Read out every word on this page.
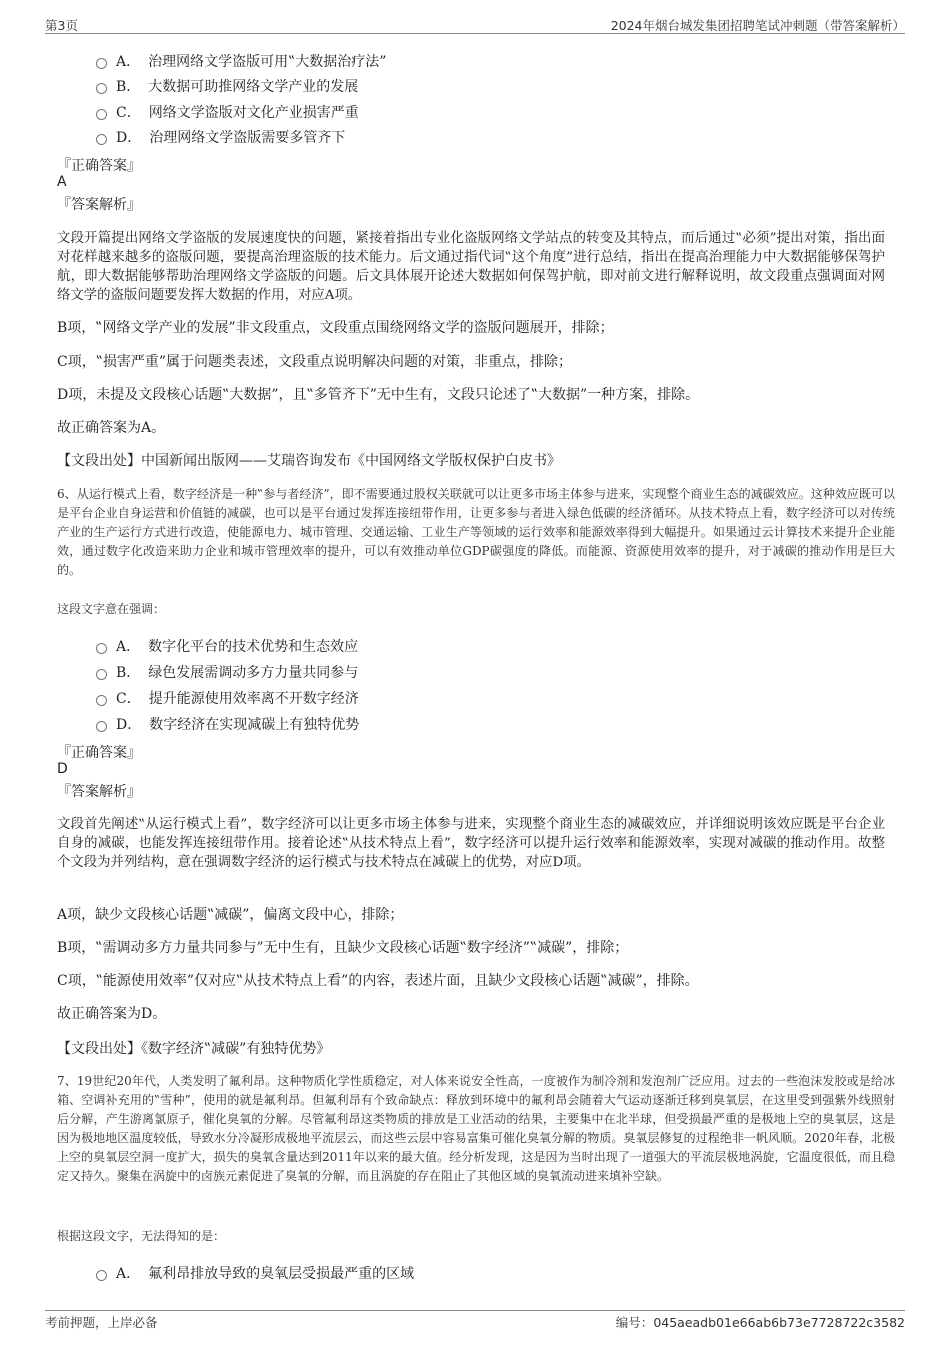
第3页	2024年烟台城发集团招聘笔试冲刺题（带答案解析）
A． 治理网络文学盗版可用‟大数据治疗法”
B． 大数据可助推网络文学产业的发展
C． 网络文学盗版对文化产业损害严重
D． 治理网络文学盗版需要多管齐下
『正确答案』
A
『答案解析』
文段开篇提出网络文学盗版的发展速度快的问题，紧接着指出专业化盗版网络文学站点的转变及其特点，而后通过‟必须”提出对策，指出面对花样越来越多的盗版问题，要提高治理盗版的技术能力。后文通过指代词‟这个角度”进行总结，指出在提高治理能力中大数据能够保驾护航，即大数据能够帮助治理网络文学盗版的问题。后文具体展开论述大数据如何保驾护航，即对前文进行解释说明，故文段重点强调面对网络文学的盗版问题要发挥大数据的作用，对应A项。
B项，‟网络文学产业的发展”非文段重点，文段重点围绕网络文学的盗版问题展开，排除；
C项，‟损害严重”属于问题类表述，文段重点说明解决问题的对策，非重点，排除；
D项，未提及文段核心话题‟大数据”，且‟多管齐下”无中生有，文段只论述了‟大数据”一种方案，排除。
故正确答案为A。
【文段出处】中国新闻出版网——艾瑞咨询发布《中国网络文学版权保护白皮书》
6、从运行模式上看，数字经济是一种‟参与者经济”，即不需要通过股权关联就可以让更多市场主体参与进来，实现整个商业生态的减碳效应。这种效应既可以是平台企业自身运营和价值链的减碳，也可以是平台通过发挥连接纽带作用，让更多参与者进入绿色低碳的经济循环。从技术特点上看，数字经济可以对传统产业的生产运行方式进行改造，使能源电力、城市管理、交通运输、工业生产等领域的运行效率和能源效率得到大幅提升。如果通过云计算技术来提升企业能效，通过数字化改造来助力企业和城市管理效率的提升，可以有效推动单位GDP碳强度的降低。而能源、资源使用效率的提升，对于减碳的推动作用是巨大的。
这段文字意在强调：
A． 数字化平台的技术优势和生态效应
B． 绿色发展需调动多方力量共同参与
C． 提升能源使用效率离不开数字经济
D． 数字经济在实现减碳上有独特优势
『正确答案』
D
『答案解析』
文段首先阐述‟从运行模式上看”，数字经济可以让更多市场主体参与进来，实现整个商业生态的减碳效应，并详细说明该效应既是平台企业自身的减碳，也能发挥连接纽带作用。接着论述‟从技术特点上看”，数字经济可以提升运行效率和能源效率，实现对减碳的推动作用。故整个文段为并列结构，意在强调数字经济的运行模式与技术特点在减碳上的优势，对应D项。
A项，缺少文段核心话题‟减碳”，偏离文段中心，排除；
B项，‟需调动多方力量共同参与”无中生有，且缺少文段核心话题‟数字经济”‟减碳”，排除；
C项，‟能源使用效率”仅对应‟从技术特点上看”的内容，表述片面，且缺少文段核心话题‟减碳”，排除。
故正确答案为D。
【文段出处】《数字经济‟减碳”有独特优势》
7、19世纪20年代，人类发明了氟利昂。这种物质化学性质稳定，对人体来说安全性高，一度被作为制冷剂和发泡剂广泛应用。过去的一些泡沫发胶或是给冰箱、空调补充用的‟雪种”，使用的就是氟利昂。但氟利昂有个致命缺点：释放到环境中的氟利昂会随着大气运动逐渐迁移到臭氧层，在这里受到强紫外线照射后分解，产生游离氯原子，催化臭氧的分解。尽管氟利昂这类物质的排放是工业活动的结果，主要集中在北半球，但受损最严重的是极地上空的臭氧层，这是因为极地地区温度较低，导致水分冷凝形成极地平流层云，而这些云层中容易富集可催化臭氧分解的物质。臭氧层修复的过程绝非一帆风顺。2020年春，北极上空的臭氧层空洞一度扩大，损失的臭氧含量达到2011年以来的最大值。经分析发现，这是因为当时出现了一道强大的平流层极地涡旋，它温度很低，而且稳定又持久。聚集在涡旋中的卤族元素促进了臭氧的分解，而且涡旋的存在阻止了其他区域的臭氧流动进来填补空缺。
根据这段文字，无法得知的是：
A． 氟利昂排放导致的臭氧层受损最严重的区域
考前押题，上岸必备	编号：045aeadb01e66ab6b73e7728722c3582
